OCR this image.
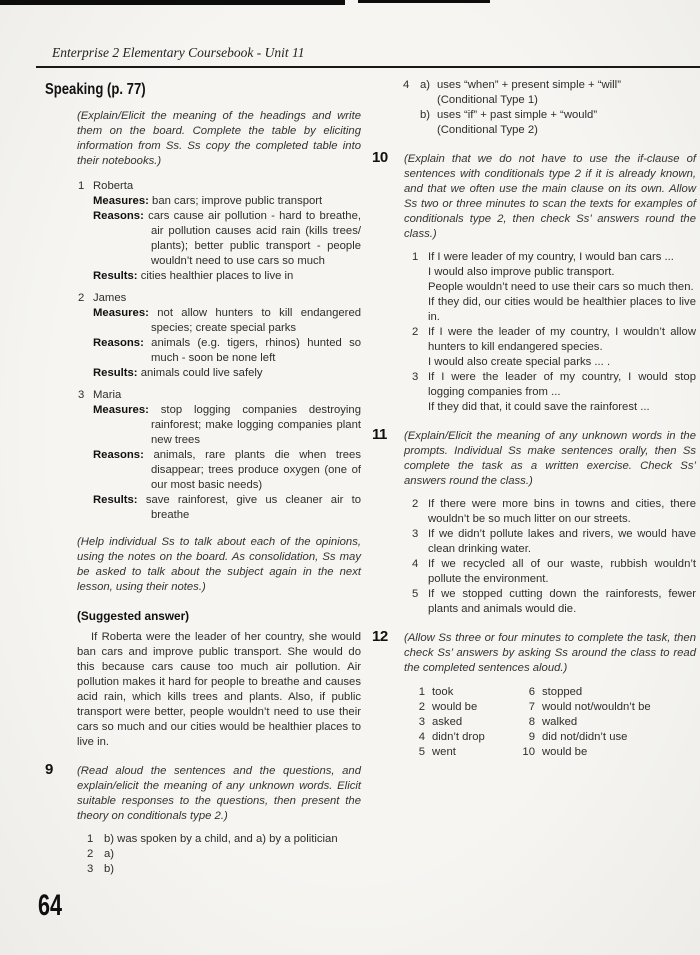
Enterprise 2 Elementary Coursebook - Unit 11
Speaking (p. 77)

(Explain/Elicit the meaning of the headings and write them on the board. Complete the table by eliciting information from Ss. Ss copy the completed table into their notebooks.)

1 Roberta
Measures: ban cars; improve public transport
Reasons: cars cause air pollution - hard to breathe, air pollution causes acid rain (kills trees/ plants); better public transport - people wouldn’t need to use cars so much
Results: cities healthier places to live in
2 James
Measures: not allow hunters to kill endangered species; create special parks
Reasons: animals (e.g. tigers, rhinos) hunted so much - soon be none left
Results: animals could live safely
3 Maria
Measures: stop logging companies destroying rainforest; make logging companies plant new trees
Reasons: animals, rare plants die when trees disappear; trees produce oxygen (one of our most basic needs)
Results: save rainforest, give us cleaner air to breathe

(Help individual Ss to talk about each of the opinions, using the notes on the board. As consolidation, Ss may be asked to talk about the subject again in the next lesson, using their notes.)

(Suggested answer)

If Roberta were the leader of her country, she would ban cars and improve public transport. She would do this because cars cause too much air pollution. Air pollution makes it hard for people to breathe and causes acid rain, which kills trees and plants. Also, if public transport were better, people wouldn’t need to use their cars so much and our cities would be healthier places to live in.

9 (Read aloud the sentences and the questions, and explain/elicit the meaning of any unknown words. Elicit suitable responses to the questions, then present the theory on conditionals type 2.)

1 b) was spoken by a child, and a) by a politician
2 a)
3 b)
4 a) uses “when” + present simple + “will”
(Conditional Type 1)
b) uses “if” + past simple + “would”
(Conditional Type 2)
10 (Explain that we do not have to use the if-clause of sentences with conditionals type 2 if it is already known, and that we often use the main clause on its own. Allow Ss two or three minutes to scan the texts for examples of conditionals type 2, then check Ss’ answers round the class.)

1 If I were leader of my country, I would ban cars ...
I would also improve public transport.
People wouldn’t need to use their cars so much then.
If they did, our cities would be healthier places to live in.
2 If I were the leader of my country, I wouldn’t allow hunters to kill endangered species.
I would also create special parks ... .
3 If I were the leader of my country, I would stop logging companies from ...
If they did that, it could save the rainforest ...
11 (Explain/Elicit the meaning of any unknown words in the prompts. Individual Ss make sentences orally, then Ss complete the task as a written exercise. Check Ss’ answers round the class.)

2 If there were more bins in towns and cities, there wouldn’t be so much litter on our streets.
3 If we didn’t pollute lakes and rivers, we would have clean drinking water.
4 If we recycled all of our waste, rubbish wouldn’t pollute the environment.
5 If we stopped cutting down the rainforests, fewer plants and animals would die.
12 (Allow Ss three or four minutes to complete the task, then check Ss’ answers by asking Ss around the class to read the completed sentences aloud.)

1 took
2 would be
3 asked
4 didn’t drop
5 went
6 stopped
7 would not/wouldn’t be
8 walked
9 did not/didn’t use
10 would be
64
